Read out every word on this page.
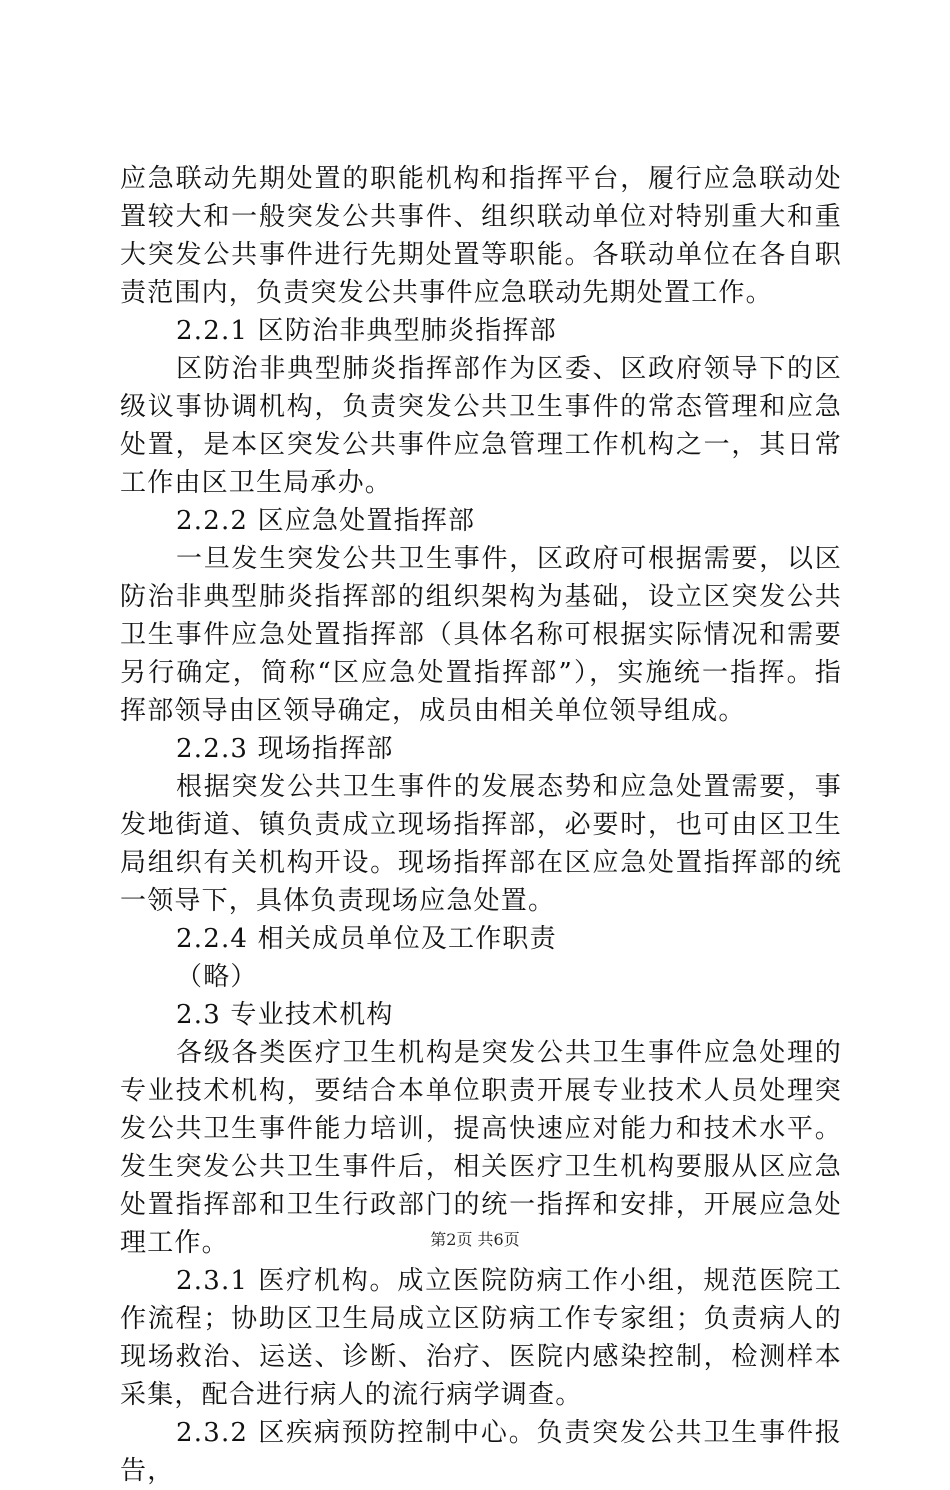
应急联动先期处置的职能机构和指挥平台，履行应急联动处置较大和一般突发公共事件、组织联动单位对特别重大和重大突发公共事件进行先期处置等职能。各联动单位在各自职责范围内，负责突发公共事件应急联动先期处置工作。

2.2.1 区防治非典型肺炎指挥部

区防治非典型肺炎指挥部作为区委、区政府领导下的区级议事协调机构，负责突发公共卫生事件的常态管理和应急处置，是本区突发公共事件应急管理工作机构之一，其日常工作由区卫生局承办。

2.2.2 区应急处置指挥部

一旦发生突发公共卫生事件，区政府可根据需要，以区防治非典型肺炎指挥部的组织架构为基础，设立区突发公共卫生事件应急处置指挥部（具体名称可根据实际情况和需要另行确定，简称“区应急处置指挥部”），实施统一指挥。指挥部领导由区领导确定，成员由相关单位领导组成。

2.2.3 现场指挥部

根据突发公共卫生事件的发展态势和应急处置需要，事发地街道、镇负责成立现场指挥部，必要时，也可由区卫生局组织有关机构开设。现场指挥部在区应急处置指挥部的统一领导下，具体负责现场应急处置。

2.2.4 相关成员单位及工作职责

（略）

2.3 专业技术机构

各级各类医疗卫生机构是突发公共卫生事件应急处理的专业技术机构，要结合本单位职责开展专业技术人员处理突发公共卫生事件能力培训，提高快速应对能力和技术水平。发生突发公共卫生事件后，相关医疗卫生机构要服从区应急处置指挥部和卫生行政部门的统一指挥和安排，开展应急处理工作。

2.3.1 医疗机构。成立医院防病工作小组，规范医院工作流程；协助区卫生局成立区防病工作专家组；负责病人的现场救治、运送、诊断、治疗、医院内感染控制，检测样本采集，配合进行病人的流行病学调查。

2.3.2 区疾病预防控制中心。负责突发公共卫生事件报告，

第2页 共6页
